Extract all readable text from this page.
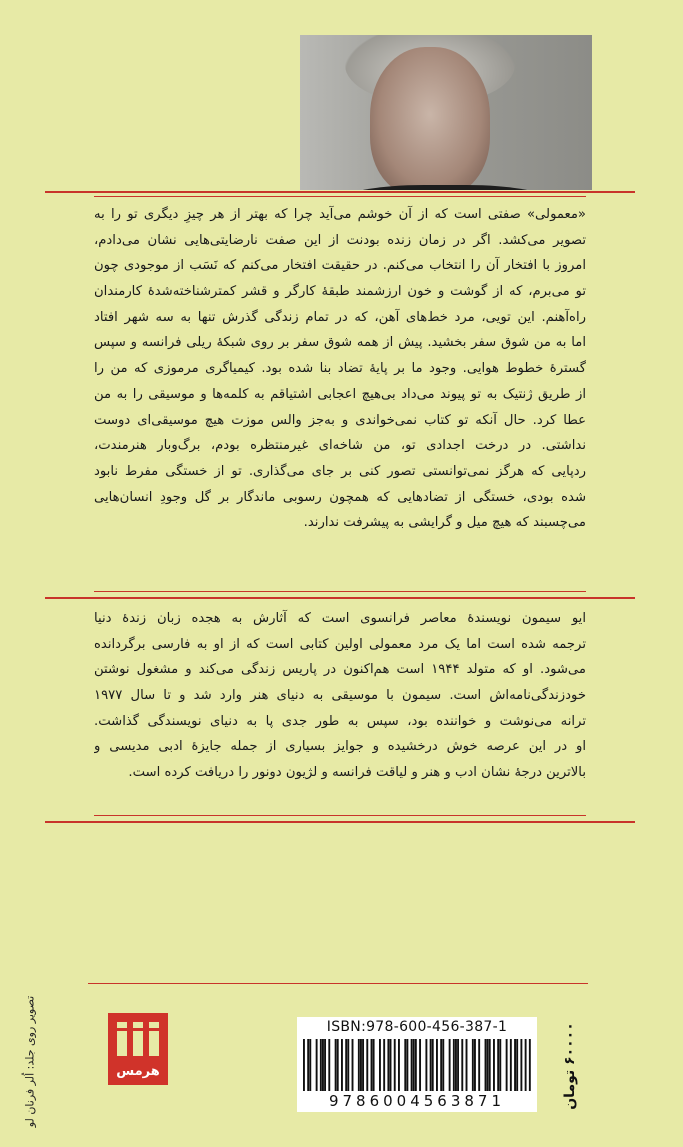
«معمولی» صفتی است که از آن خوشم می‌آید چرا که بهتر از هر چیزِ دیگری تو را به
تصویر می‌کشد. اگر در زمان زنده بودنت از این صفت نارضایتی‌هایی نشان می‌دادم،
امروز با افتخار آن را انتخاب می‌کنم. در حقیقت افتخار می‌کنم که نَسَب از موجودی چون
تو می‌برم، که از گوشت و خون ارزشمند طبقهٔ کارگر و قشر کمترشناخته‌شدهٔ کارمندان
راه‌آهنم. این تویی، مرد خط‌های آهن، که در تمام زندگی گذرش تنها به سه شهر افتاد
اما به من شوق سفر بخشید. پیش از همه شوق سفر بر روی شبکهٔ ریلی فرانسه و سپس
گسترهٔ خطوط هوایی. وجود ما بر پایهٔ تضاد بنا شده بود. کیمیاگری مرموزی که من را
از طریق ژنتیک به تو پیوند می‌داد بی‌هیچ اعجابی اشتیاقم به کلمه‌ها و موسیقی را به من
عطا کرد. حال آنکه تو کتاب نمی‌خواندی و به‌جز والس موزت هیچ موسیقی‌ای دوست
نداشتی. در درخت اجدادی تو، من شاخه‌ای غیرمنتظره بودم، برگ‌وبار هنرمندت،
ردپایی که هرگز نمی‌توانستی تصور کنی بر جای می‌گذاری. تو از خستگی مفرط نابود
شده بودی، خستگی از تضادهایی که همچون رسوبی ماندگار بر گل وجودِ انسان‌هایی
می‌چسبند که هیچ میل و گرایشی به پیشرفت ندارند.
ایو سیمون نویسندهٔ معاصر فرانسوی است که آثارش به هجده زبان زندهٔ دنیا
ترجمه شده است اما یک مرد معمولی اولین کتابی است که از او به فارسی برگردانده
می‌شود. او که متولد ۱۹۴۴ است هم‌اکنون در پاریس زندگی می‌کند و مشغول نوشتن
خودزندگی‌نامه‌اش است. سیمون با موسیقی به دنیای هنر وارد شد و تا سال ۱۹۷۷
ترانه می‌نوشت و خواننده بود، سپس به طور جدی پا به دنیای نویسندگی گذاشت.
او در این عرصه خوش درخشیده و جوایز بسیاری از جمله جایزهٔ ادبی مدیسی و
بالاترین درجهٔ نشان ادب و هنر و لیاقت فرانسه و لژیون دونور را دریافت کرده است.
تصویر روی جلد: اُلر فرنان لو	هرمس
ISBN:978-600-456-387-1
9786004563871	۶۰۰۰۰ تومان
